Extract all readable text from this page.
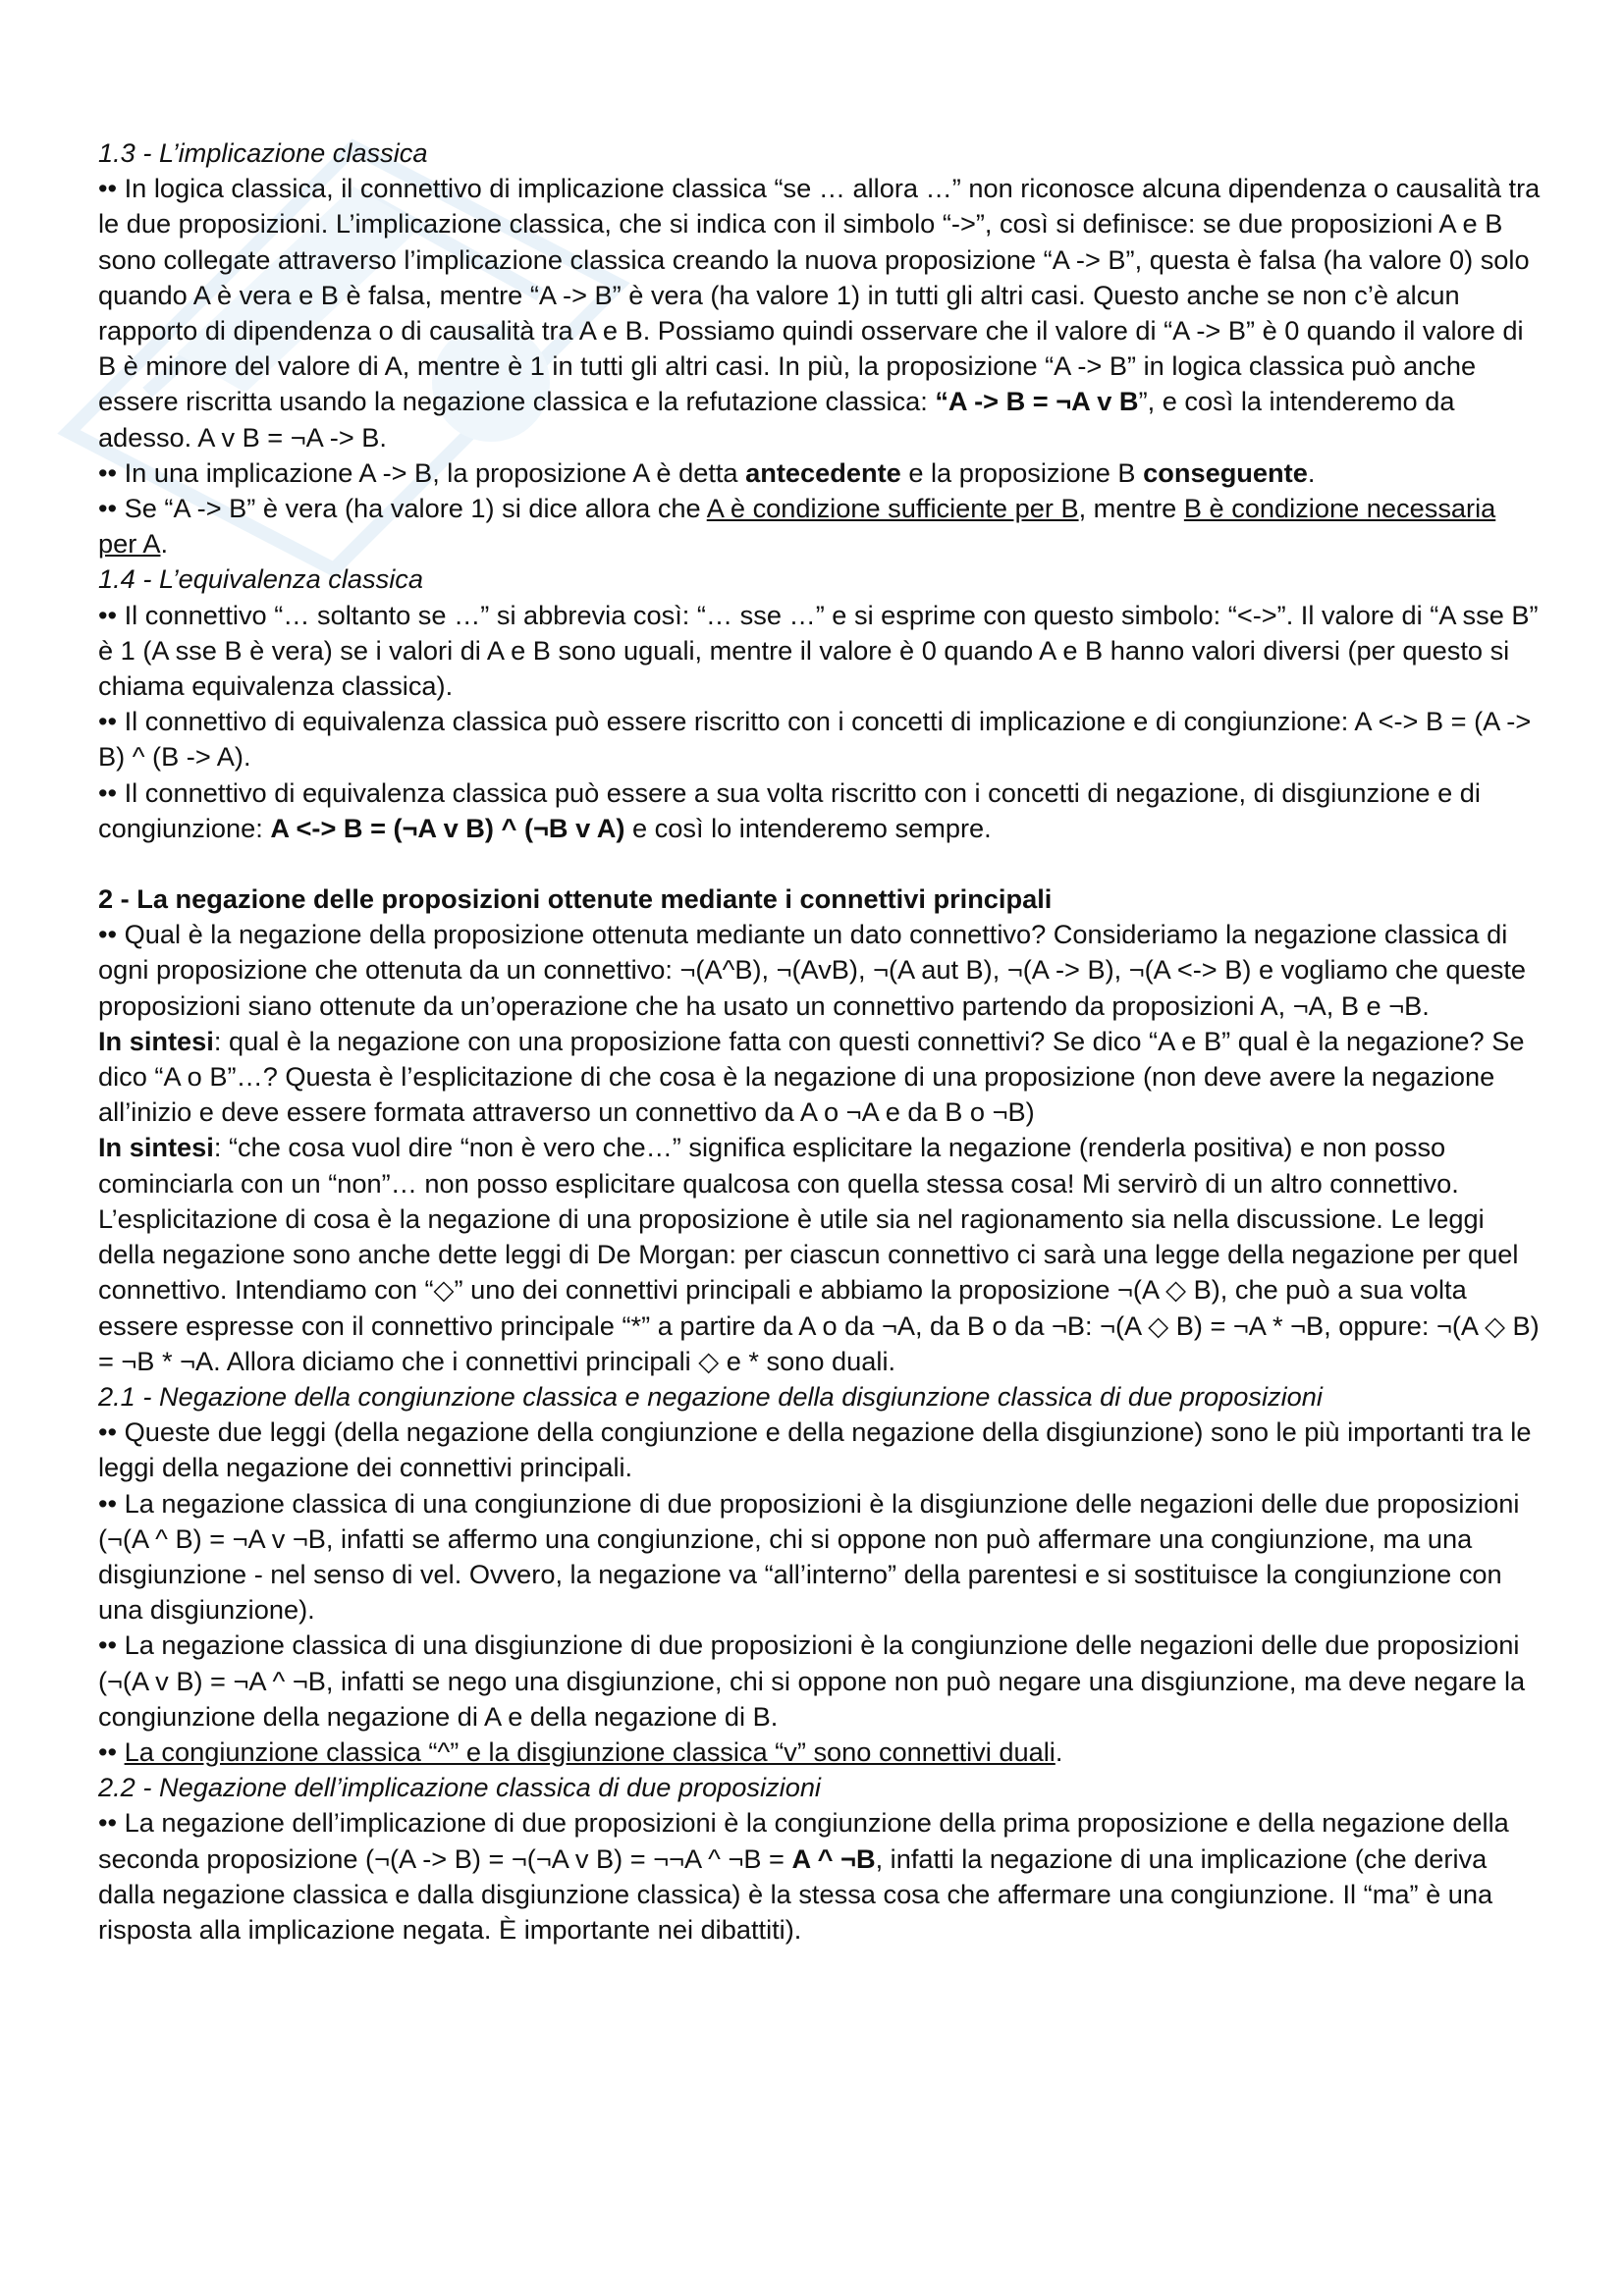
1.3 - L’implicazione classica

•• In logica classica, il connettivo di implicazione classica “se … allora …” non riconosce alcuna dipendenza o causalità tra le due proposizioni. L’implicazione classica, che si indica con il simbolo “->”, così si definisce: se due proposizioni A e B sono collegate attraverso l’implicazione classica creando la nuova proposizione “A -> B”, questa è falsa (ha valore 0) solo quando A è vera e B è falsa, mentre “A -> B” è vera (ha valore 1) in tutti gli altri casi. Questo anche se non c’è alcun rapporto di dipendenza o di causalità tra A e B. Possiamo quindi osservare che il valore di “A -> B” è 0 quando il valore di B è minore del valore di A, mentre è 1 in tutti gli altri casi. In più, la proposizione “A -> B” in logica classica può anche essere riscritta usando la negazione classica e la refutazione classica: “A -> B = ¬A v B”, e così la intenderemo da adesso. A v B = ¬A -> B.

•• In una implicazione A -> B, la proposizione A è detta antecedente e la proposizione B conseguente.

•• Se “A -> B” è vera (ha valore 1) si dice allora che A è condizione sufficiente per B, mentre B è condizione necessaria per A.

1.4 - L’equivalenza classica

•• Il connettivo “… soltanto se …” si abbrevia così: “… sse …” e si esprime con questo simbolo: “<->”. Il valore di “A sse B” è 1 (A sse B è vera) se i valori di A e B sono uguali, mentre il valore è 0 quando A e B hanno valori diversi (per questo si chiama equivalenza classica).

•• Il connettivo di equivalenza classica può essere riscritto con i concetti di implicazione e di congiunzione: A <-> B = (A -> B) ^ (B -> A).

•• Il connettivo di equivalenza classica può essere a sua volta riscritto con i concetti di negazione, di disgiunzione e di congiunzione: A <-> B = (¬A v B) ^ (¬B v A) e così lo intenderemo sempre.

2 - La negazione delle proposizioni ottenute mediante i connettivi principali

•• Qual è la negazione della proposizione ottenuta mediante un dato connettivo? Consideriamo la negazione classica di ogni proposizione che ottenuta da un connettivo: ¬(A^B), ¬(AvB), ¬(A aut B), ¬(A -> B), ¬(A <-> B) e vogliamo che queste proposizioni siano ottenute da un’operazione che ha usato un connettivo partendo da proposizioni A, ¬A, B e ¬B.

In sintesi: qual è la negazione con una proposizione fatta con questi connettivi? Se dico “A e B” qual è la negazione? Se dico “A o B”…? Questa è l’esplicitazione di che cosa è la negazione di una proposizione (non deve avere la negazione all’inizio e deve essere formata attraverso un connettivo da A o ¬A e da B o ¬B)

In sintesi: “che cosa vuol dire “non è vero che…” significa esplicitare la negazione (renderla positiva) e non posso cominciarla con un “non”… non posso esplicitare qualcosa con quella stessa cosa! Mi servirò di un altro connettivo.

L’esplicitazione di cosa è la negazione di una proposizione è utile sia nel ragionamento sia nella discussione. Le leggi della negazione sono anche dette leggi di De Morgan: per ciascun connettivo ci sarà una legge della negazione per quel connettivo. Intendiamo con “◇” uno dei connettivi principali e abbiamo la proposizione ¬(A ◇ B), che può a sua volta essere espresse con il connettivo principale “*” a partire da A o da ¬A, da B o da ¬B: ¬(A ◇ B) = ¬A * ¬B, oppure: ¬(A ◇ B) = ¬B * ¬A. Allora diciamo che i connettivi principali ◇ e * sono duali.

2.1 - Negazione della congiunzione classica e negazione della disgiunzione classica di due proposizioni

•• Queste due leggi (della negazione della congiunzione e della negazione della disgiunzione) sono le più importanti tra le leggi della negazione dei connettivi principali.

•• La negazione classica di una congiunzione di due proposizioni è la disgiunzione delle negazioni delle due proposizioni (¬(A ^ B) = ¬A v ¬B, infatti se affermo una congiunzione, chi si oppone non può affermare una congiunzione, ma una disgiunzione - nel senso di vel. Ovvero, la negazione va “all’interno” della parentesi e si sostituisce la congiunzione con una disgiunzione).

•• La negazione classica di una disgiunzione di due proposizioni è la congiunzione delle negazioni delle due proposizioni (¬(A v B) = ¬A ^ ¬B, infatti se nego una disgiunzione, chi si oppone non può negare una disgiunzione, ma deve negare la congiunzione della negazione di A e della negazione di B.

•• La congiunzione classica “^” e la disgiunzione classica “v” sono connettivi duali.

2.2 - Negazione dell’implicazione classica di due proposizioni

•• La negazione dell’implicazione di due proposizioni è la congiunzione della prima proposizione e della negazione della seconda proposizione (¬(A -> B) = ¬(¬A v B) = ¬¬A ^ ¬B = A ^ ¬B, infatti la negazione di una implicazione (che deriva dalla negazione classica e dalla disgiunzione classica) è la stessa cosa che affermare una congiunzione. Il “ma” è una risposta alla implicazione negata. È importante nei dibattiti).
